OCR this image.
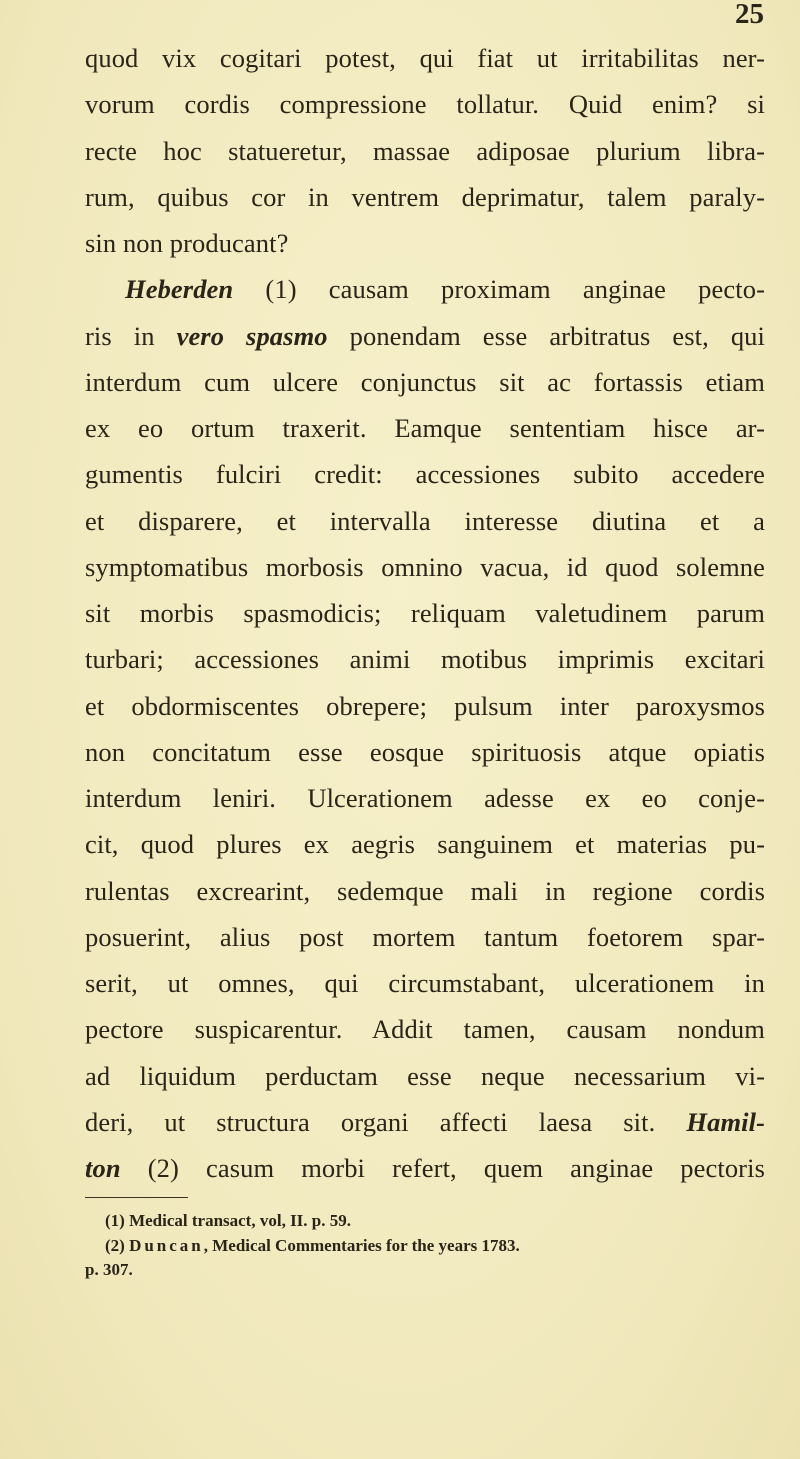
25
quod vix cogitari potest, qui fiat ut irritabilitas ner-
vorum cordis compressione tollatur. Quid enim? si
recte hoc statueretur, massae adiposae plurium libra-
rum, quibus cor in ventrem deprimatur, talem paraly-
sin non producant?
Heberden (1) causam proximam anginae pecto-
ris in vero spasmo ponendam esse arbitratus est, qui
interdum cum ulcere conjunctus sit ac fortassis etiam
ex eo ortum traxerit. Eamque sententiam hisce ar-
gumentis fulciri credit: accessiones subito accedere
et disparere, et intervalla interesse diutina et a
symptomatibus morbosis omnino vacua, id quod solemne
sit morbis spasmodicis; reliquam valetudinem parum
turbari; accessiones animi motibus imprimis excitari
et obdormiscentes obrepere; pulsum inter paroxysmos
non concitatum esse eosque spirituosis atque opiatis
interdum leniri. Ulcerationem adesse ex eo conje-
cit, quod plures ex aegris sanguinem et materias pu-
rulentas excrearint, sedemque mali in regione cordis
posuerint, alius post mortem tantum foetorem spar-
serit, ut omnes, qui circumstabant, ulcerationem in
pectore suspicarentur. Addit tamen, causam nondum
ad liquidum perductam esse neque necessarium vi-
deri, ut structura organi affecti laesa sit. Hamil-
ton (2) casum morbi refert, quem anginae pectoris
(1) Medical transact, vol, II. p. 59.
(2) Duncan, Medical Commentaries for the years 1783.
p. 307.
